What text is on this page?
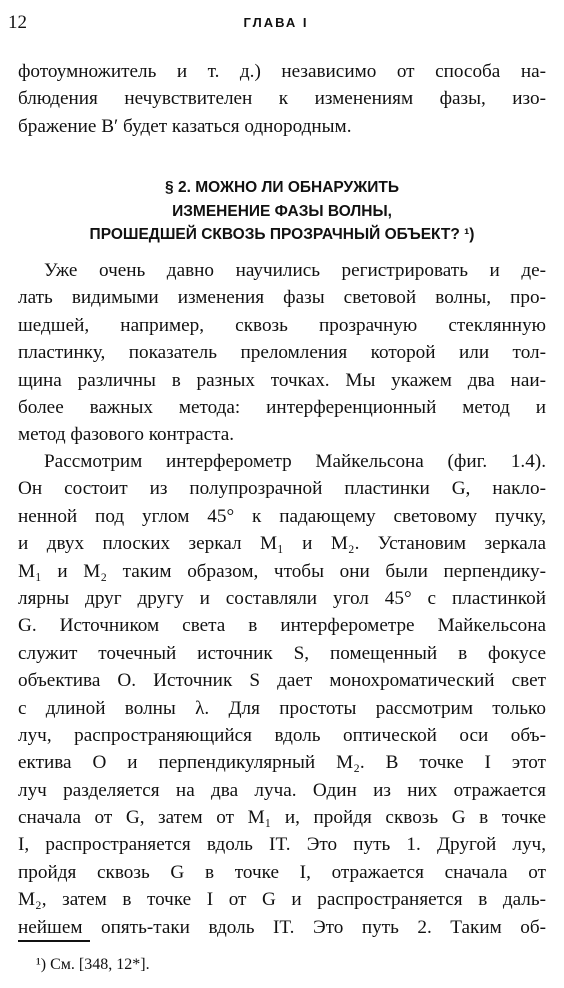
12	ГЛАВА I
фотоумножитель и т. д.) независимо от способа на-
блюдения нечувствителен к изменениям фазы, изо-
бражение B′ будет казаться однородным.
§ 2. МОЖНО ЛИ ОБНАРУЖИТЬ
ИЗМЕНЕНИЕ ФАЗЫ ВОЛНЫ,
ПРОШЕДШЕЙ СКВОЗЬ ПРОЗРАЧНЫЙ ОБЪЕКТ? ¹)
Уже очень давно научились регистрировать и де-
лать видимыми изменения фазы световой волны, про-
шедшей, например, сквозь прозрачную стеклянную
пластинку, показатель преломления которой или тол-
щина различны в разных точках. Мы укажем два наи-
более важных метода: интерференционный метод и
метод фазового контраста.
Рассмотрим интерферометр Майкельсона (фиг. 1.4).
Он состоит из полупрозрачной пластинки G, накло-
ненной под углом 45° к падающему световому пучку,
и двух плоских зеркал M₁ и M₂. Установим зеркала
M₁ и M₂ таким образом, чтобы они были перпендику-
лярны друг другу и составляли угол 45° с пластинкой
G. Источником света в интерферометре Майкельсона
служит точечный источник S, помещенный в фокусе
объектива O. Источник S дает монохроматический свет
с длиной волны λ. Для простоты рассмотрим только
луч, распространяющийся вдоль оптической оси объ-
ектива O и перпендикулярный M₂. В точке I этот
луч разделяется на два луча. Один из них отражается
сначала от G, затем от M₁ и, пройдя сквозь G в точке
I, распространяется вдоль IT. Это путь 1. Другой луч,
пройдя сквозь G в точке I, отражается сначала от
M₂, затем в точке I от G и распространяется в даль-
нейшем опять-таки вдоль IT. Это путь 2. Таким об-
¹) См. [348, 12*].
